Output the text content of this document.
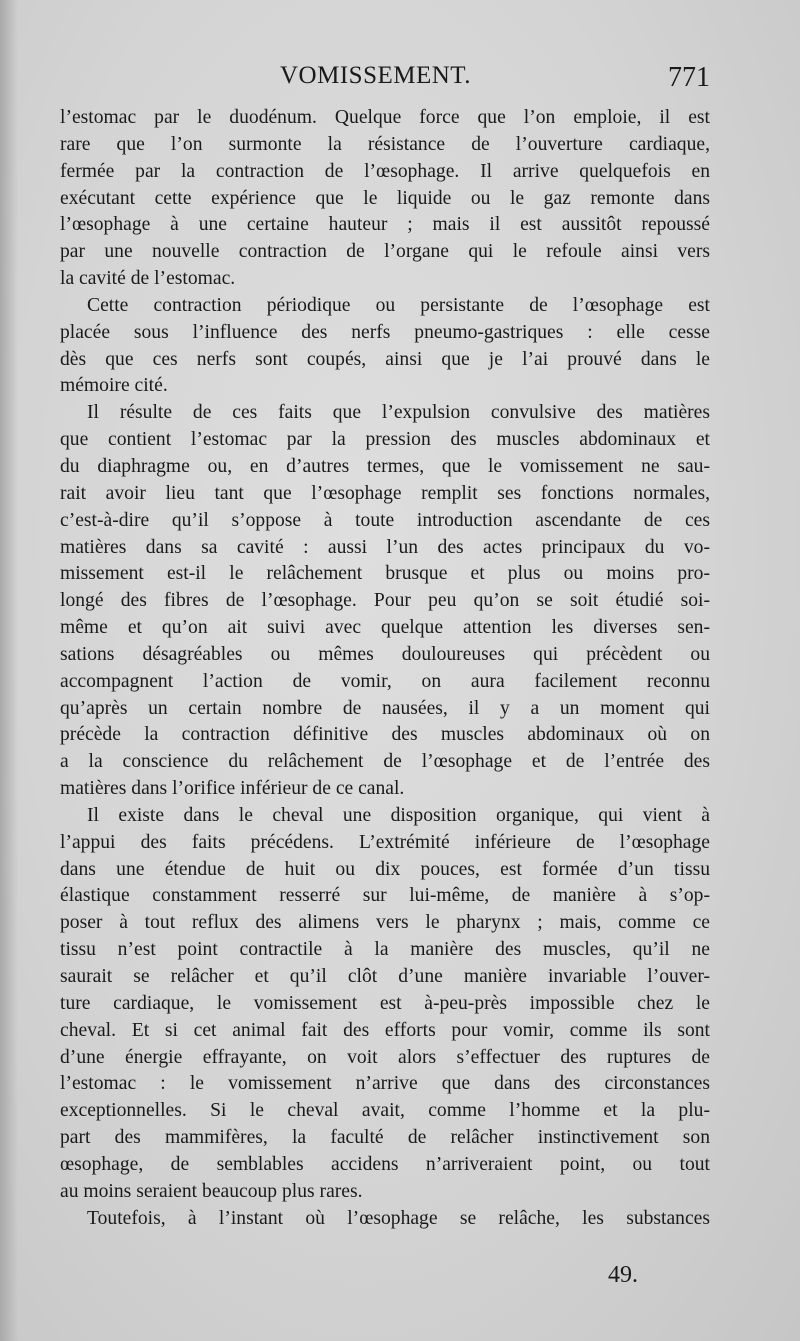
VOMISSEMENT.	771
l’estomac par le duodénum. Quelque force que l’on emploie, il est
rare que l’on surmonte la résistance de l’ouverture cardiaque,
fermée par la contraction de l’œsophage. Il arrive quelquefois en
exécutant cette expérience que le liquide ou le gaz remonte dans
l’œsophage à une certaine hauteur ; mais il est aussitôt repoussé
par une nouvelle contraction de l’organe qui le refoule ainsi vers
la cavité de l’estomac.
Cette contraction périodique ou persistante de l’œsophage est
placée sous l’influence des nerfs pneumo-gastriques : elle cesse
dès que ces nerfs sont coupés, ainsi que je l’ai prouvé dans le
mémoire cité.
Il résulte de ces faits que l’expulsion convulsive des matières
que contient l’estomac par la pression des muscles abdominaux et
du diaphragme ou, en d’autres termes, que le vomissement ne sau-
rait avoir lieu tant que l’œsophage remplit ses fonctions normales,
c’est-à-dire qu’il s’oppose à toute introduction ascendante de ces
matières dans sa cavité : aussi l’un des actes principaux du vo-
missement est-il le relâchement brusque et plus ou moins pro-
longé des fibres de l’œsophage. Pour peu qu’on se soit étudié soi-
même et qu’on ait suivi avec quelque attention les diverses sen-
sations désagréables ou mêmes douloureuses qui précèdent ou
accompagnent l’action de vomir, on aura facilement reconnu
qu’après un certain nombre de nausées, il y a un moment qui
précède la contraction définitive des muscles abdominaux où on
a la conscience du relâchement de l’œsophage et de l’entrée des
matières dans l’orifice inférieur de ce canal.
Il existe dans le cheval une disposition organique, qui vient à
l’appui des faits précédens. L’extrémité inférieure de l’œsophage
dans une étendue de huit ou dix pouces, est formée d’un tissu
élastique constamment resserré sur lui-même, de manière à s’op-
poser à tout reflux des alimens vers le pharynx ; mais, comme ce
tissu n’est point contractile à la manière des muscles, qu’il ne
saurait se relâcher et qu’il clôt d’une manière invariable l’ouver-
ture cardiaque, le vomissement est à-peu-près impossible chez le
cheval. Et si cet animal fait des efforts pour vomir, comme ils sont
d’une énergie effrayante, on voit alors s’effectuer des ruptures de
l’estomac : le vomissement n’arrive que dans des circonstances
exceptionnelles. Si le cheval avait, comme l’homme et la plu-
part des mammifères, la faculté de relâcher instinctivement son
œsophage, de semblables accidens n’arriveraient point, ou tout
au moins seraient beaucoup plus rares.
Toutefois, à l’instant où l’œsophage se relâche, les substances
49.
